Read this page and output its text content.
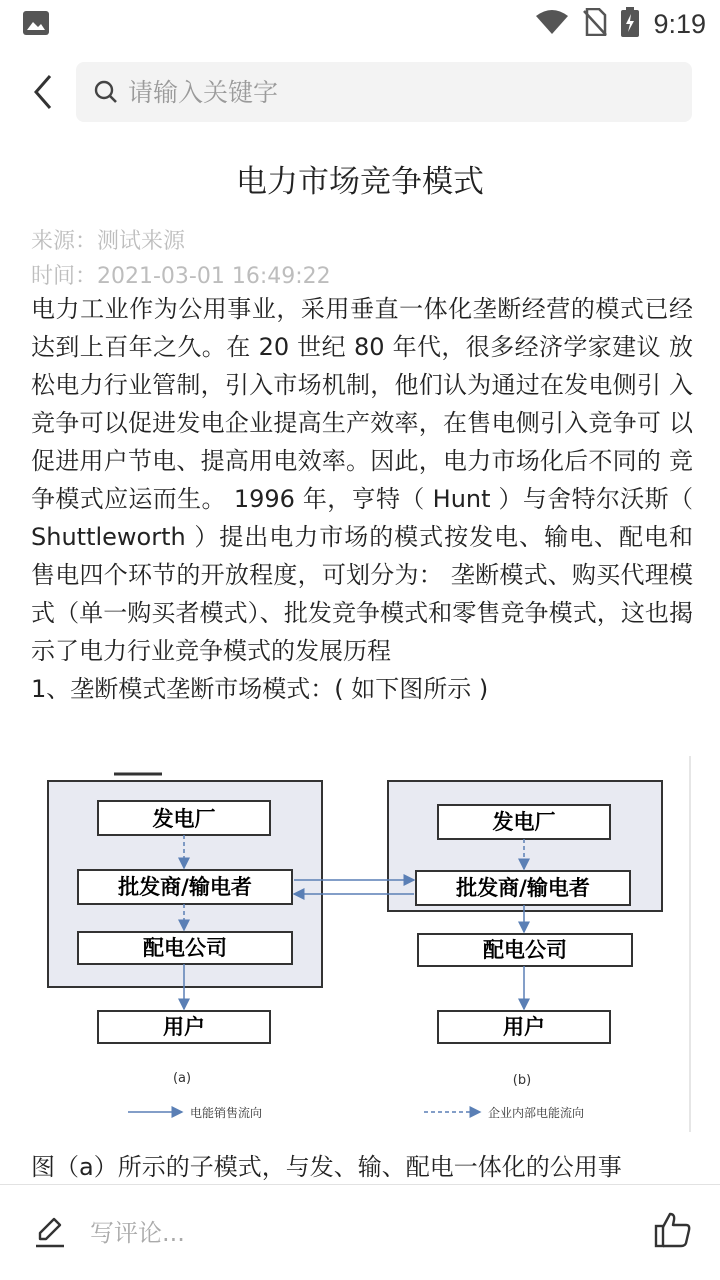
9:19
请输入关键字
电力市场竞争模式
来源：测试来源
时间：2021-03-01 16:49:22

电力工业作为公用事业，采用垂直一体化垄断经营的模式已经达到上百年之久。在 20 世纪 80 年代，很多经济学家建议 放松电力行业管制，引入市场机制，他们认为通过在发电侧引 入竞争可以促进发电企业提高生产效率，在售电侧引入竞争可 以促进用户节电、提高用电效率。因此，电力市场化后不同的 竞争模式应运而生。 1996 年，亨特（ Hunt ）与舍特尔沃斯（ Shuttleworth ）提出电力市场的模式按发电、输电、配电和 售电四个环节的开放程度，可划分为： 垄断模式、购买代理模 式（单一购买者模式）、批发竞争模式和零售竞争模式，这也揭 示了电力行业竞争模式的发展历程

1、垄断模式垄断市场模式：( 如下图所示 )

发电厂
批发商/输电者
配电公司
用户
发电厂
批发商/输电者
配电公司
用户
(a)	(b)
电能销售流向	企业内部电能流向
图（a）所示的子模式，与发、输、配电一体化的公用事
写评论...
